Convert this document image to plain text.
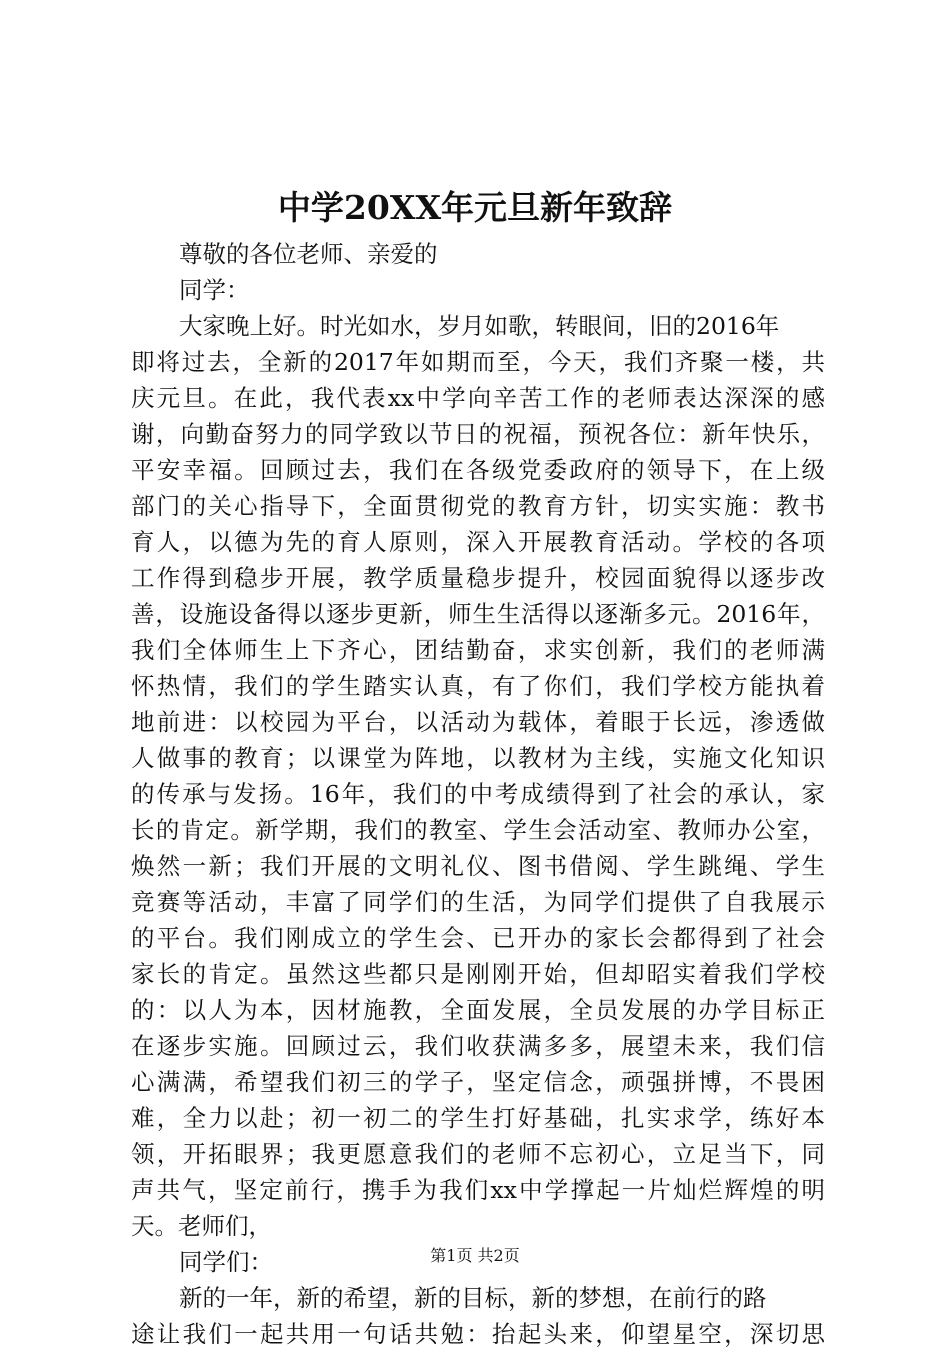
中学20XX年元旦新年致辞
尊敬的各位老师、亲爱的
同学：
大家晚上好。时光如水，岁月如歌，转眼间，旧的2016年
即将过去，全新的2017年如期而至，今天，我们齐聚一楼，共
庆元旦。在此，我代表xx中学向辛苦工作的老师表达深深的感
谢，向勤奋努力的同学致以节日的祝福，预祝各位：新年快乐，
平安幸福。回顾过去，我们在各级党委政府的领导下，在上级
部门的关心指导下，全面贯彻党的教育方针，切实实施：教书
育人，以德为先的育人原则，深入开展教育活动。学校的各项
工作得到稳步开展，教学质量稳步提升，校园面貌得以逐步改
善，设施设备得以逐步更新，师生生活得以逐渐多元。2016年，
我们全体师生上下齐心，团结勤奋，求实创新，我们的老师满
怀热情，我们的学生踏实认真，有了你们，我们学校方能执着
地前进：以校园为平台，以活动为载体，着眼于长远，渗透做
人做事的教育；以课堂为阵地，以教材为主线，实施文化知识
的传承与发扬。16年，我们的中考成绩得到了社会的承认，家
长的肯定。新学期，我们的教室、学生会活动室、教师办公室，
焕然一新；我们开展的文明礼仪、图书借阅、学生跳绳、学生
竞赛等活动，丰富了同学们的生活，为同学们提供了自我展示
的平台。我们刚成立的学生会、已开办的家长会都得到了社会
家长的肯定。虽然这些都只是刚刚开始，但却昭实着我们学校
的：以人为本，因材施教，全面发展，全员发展的办学目标正
在逐步实施。回顾过云，我们收获满多多，展望未来，我们信
心满满，希望我们初三的学子，坚定信念，顽强拼博，不畏困
难，全力以赴；初一初二的学生打好基础，扎实求学，练好本
领，开拓眼界；我更愿意我们的老师不忘初心，立足当下，同
声共气，坚定前行，携手为我们xx中学撑起一片灿烂辉煌的明
天。老师们，
同学们：
新的一年，新的希望，新的目标，新的梦想，在前行的路
途让我们一起共用一句话共勉：抬起头来，仰望星空，深切思
第1页 共2页
